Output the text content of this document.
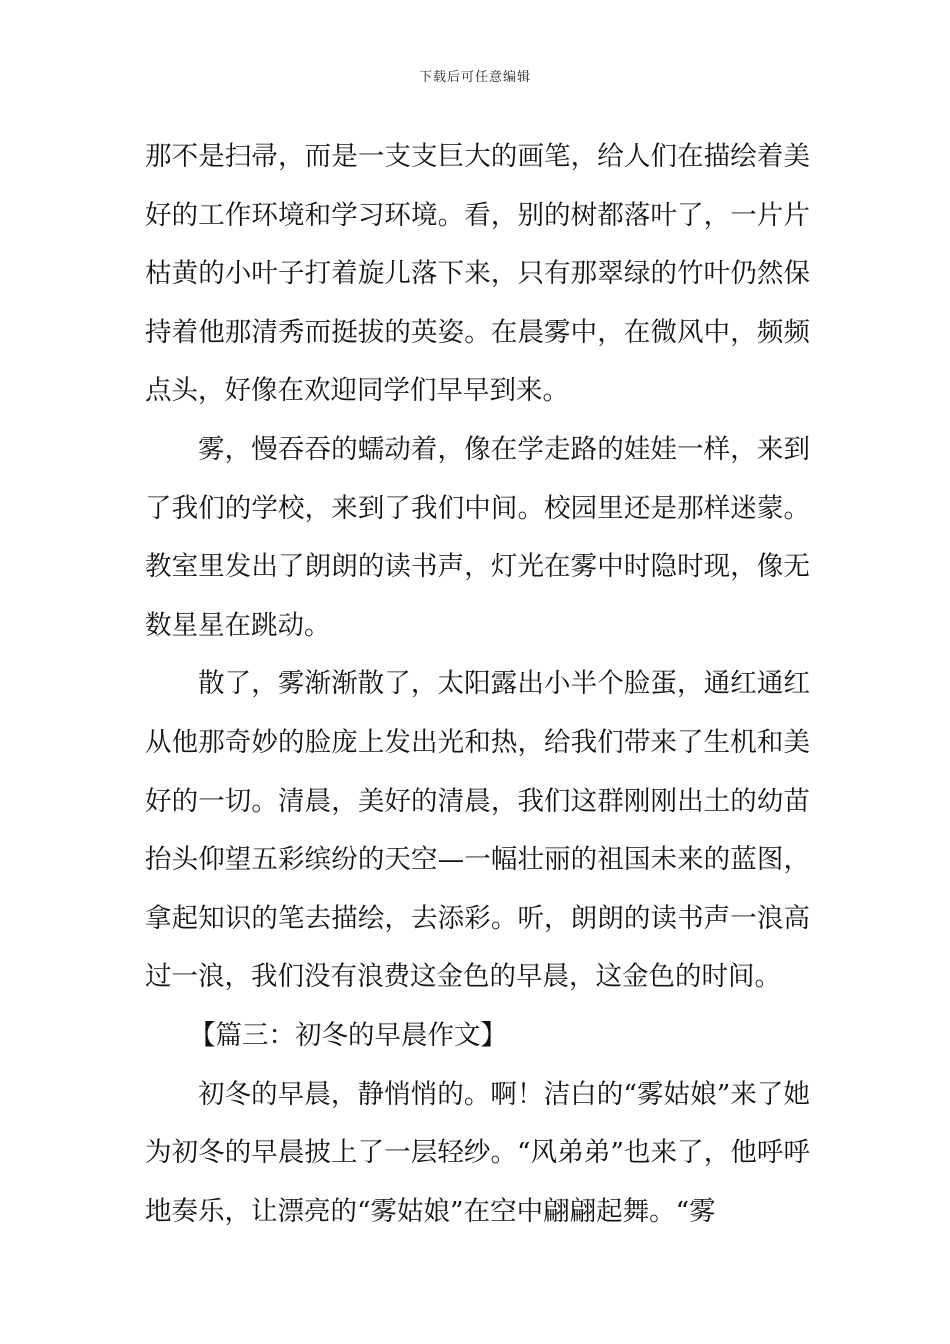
下载后可任意编辑

那不是扫帚，而是一支支巨大的画笔，给人们在描绘着美好的工作环境和学习环境。看，别的树都落叶了，一片片枯黄的小叶子打着旋儿落下来，只有那翠绿的竹叶仍然保持着他那清秀而挺拔的英姿。在晨雾中，在微风中，频频点头，好像在欢迎同学们早早到来。

雾，慢吞吞的蠕动着，像在学走路的娃娃一样，来到了我们的学校，来到了我们中间。校园里还是那样迷蒙。教室里发出了朗朗的读书声，灯光在雾中时隐时现，像无数星星在跳动。

散了，雾渐渐散了，太阳露出小半个脸蛋，通红通红从他那奇妙的脸庞上发出光和热，给我们带来了生机和美好的一切。清晨，美好的清晨，我们这群刚刚出土的幼苗抬头仰望五彩缤纷的天空—一幅壮丽的祖国未来的蓝图，拿起知识的笔去描绘，去添彩。听，朗朗的读书声一浪高过一浪，我们没有浪费这金色的早晨，这金色的时间。

【篇三：初冬的早晨作文】

初冬的早晨，静悄悄的。啊！洁白的“雾姑娘”来了她为初冬的早晨披上了一层轻纱。“风弟弟”也来了，他呼呼地奏乐，让漂亮的“雾姑娘”在空中翩翩起舞。“雾
